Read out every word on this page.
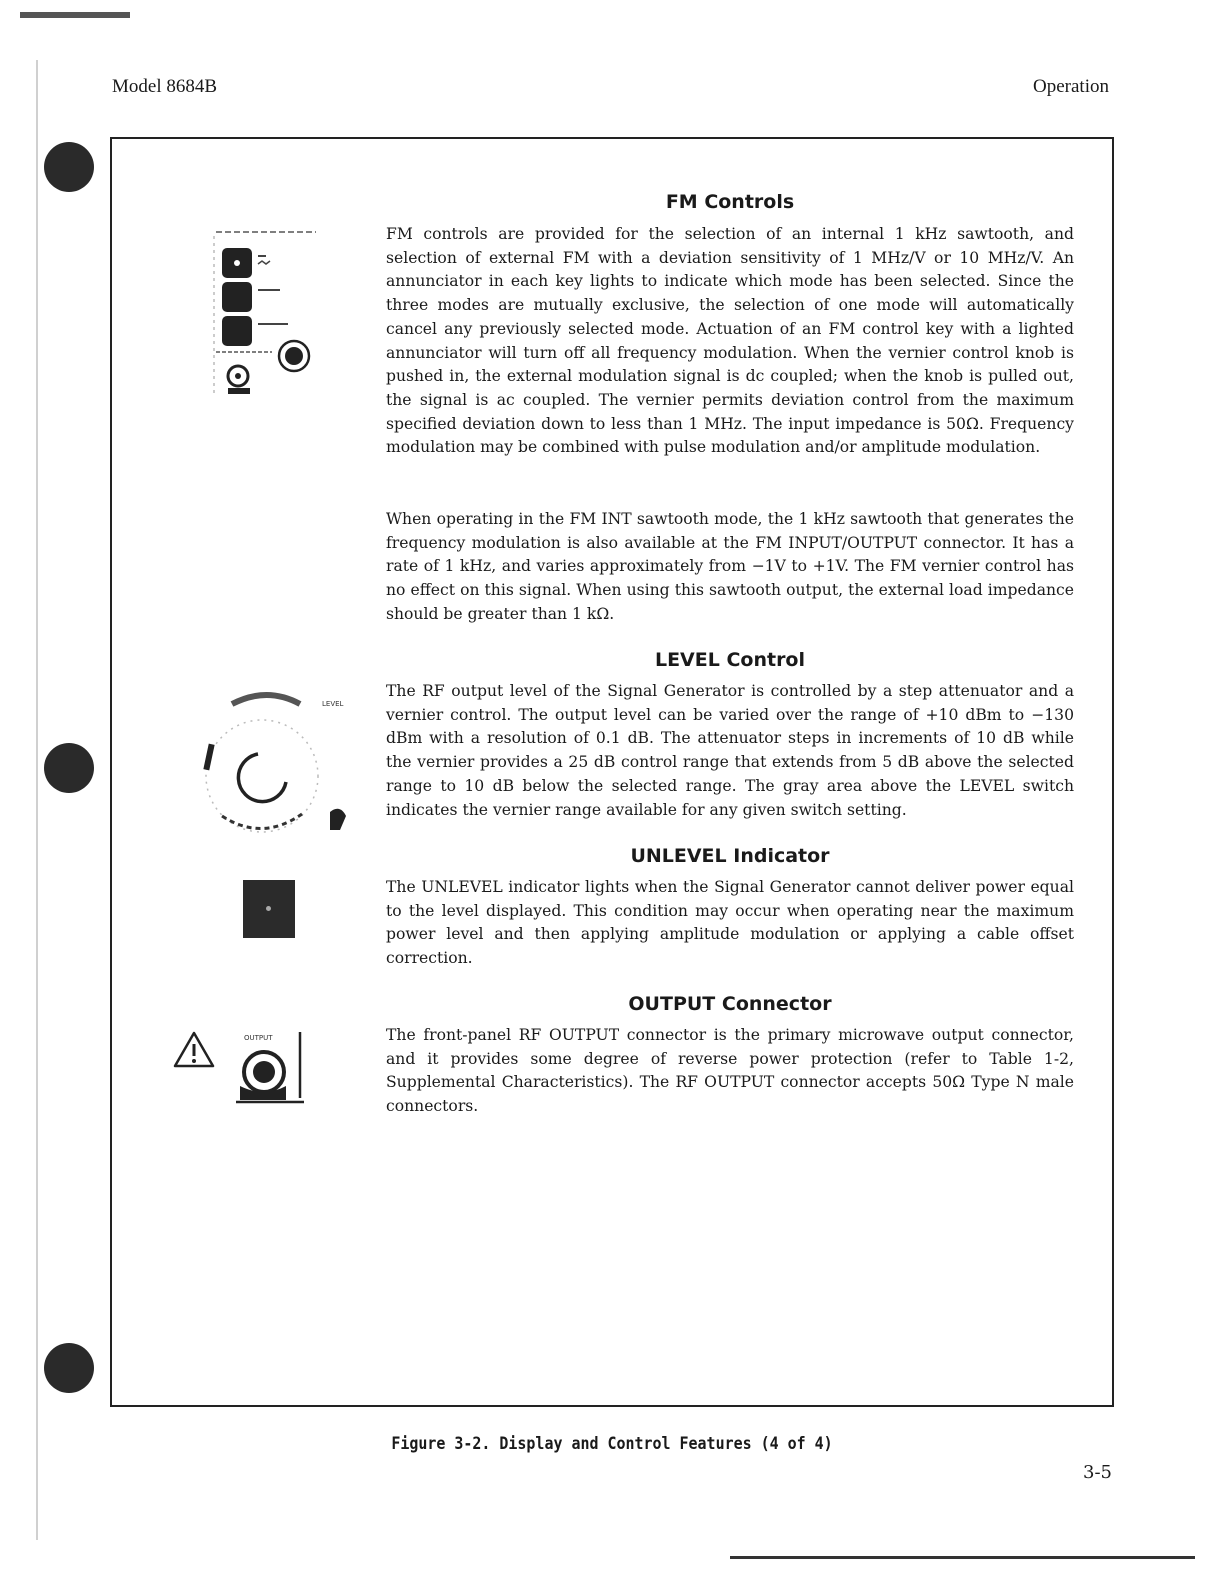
Model 8684B	Operation
FM Controls

FM controls are provided for the selection of an internal 1 kHz sawtooth, and selection of external FM with a deviation sensitivity of 1 MHz/V or 10 MHz/V. An annunciator in each key lights to indicate which mode has been selected. Since the three modes are mutually exclusive, the selection of one mode will automatically cancel any previously selected mode. Actuation of an FM control key with a lighted annunciator will turn off all frequency modulation. When the vernier control knob is pushed in, the external modulation signal is dc coupled; when the knob is pulled out, the signal is ac coupled. The vernier permits deviation control from the maximum specified deviation down to less than 1 MHz. The input impedance is 50Ω. Frequency modulation may be combined with pulse modulation and/or amplitude modulation.

When operating in the FM INT sawtooth mode, the 1 kHz sawtooth that generates the frequency modulation is also available at the FM INPUT/OUTPUT connector. It has a rate of 1 kHz, and varies approximately from −1V to +1V. The FM vernier control has no effect on this signal. When using this sawtooth output, the external load impedance should be greater than 1 kΩ.

LEVEL Control

The RF output level of the Signal Generator is controlled by a step attenuator and a vernier control. The output level can be varied over the range of +10 dBm to −130 dBm with a resolution of 0.1 dB. The attenuator steps in increments of 10 dB while the vernier provides a 25 dB control range that extends from 5 dB above the selected range to 10 dB below the selected range. The gray area above the LEVEL switch indicates the vernier range available for any given switch setting.

LEVEL
UNLEVEL Indicator

The UNLEVEL indicator lights when the Signal Generator cannot deliver power equal to the level displayed. This condition may occur when operating near the maximum power level and then applying amplitude modulation or applying a cable offset correction.

OUTPUT Connector

The front-panel RF OUTPUT connector is the primary microwave output connector, and it provides some degree of reverse power protection (refer to Table 1-2, Supplemental Characteristics). The RF OUTPUT connector accepts 50Ω Type N male connectors.

OUTPUT
Figure 3-2. Display and Control Features (4 of 4)
3-5
